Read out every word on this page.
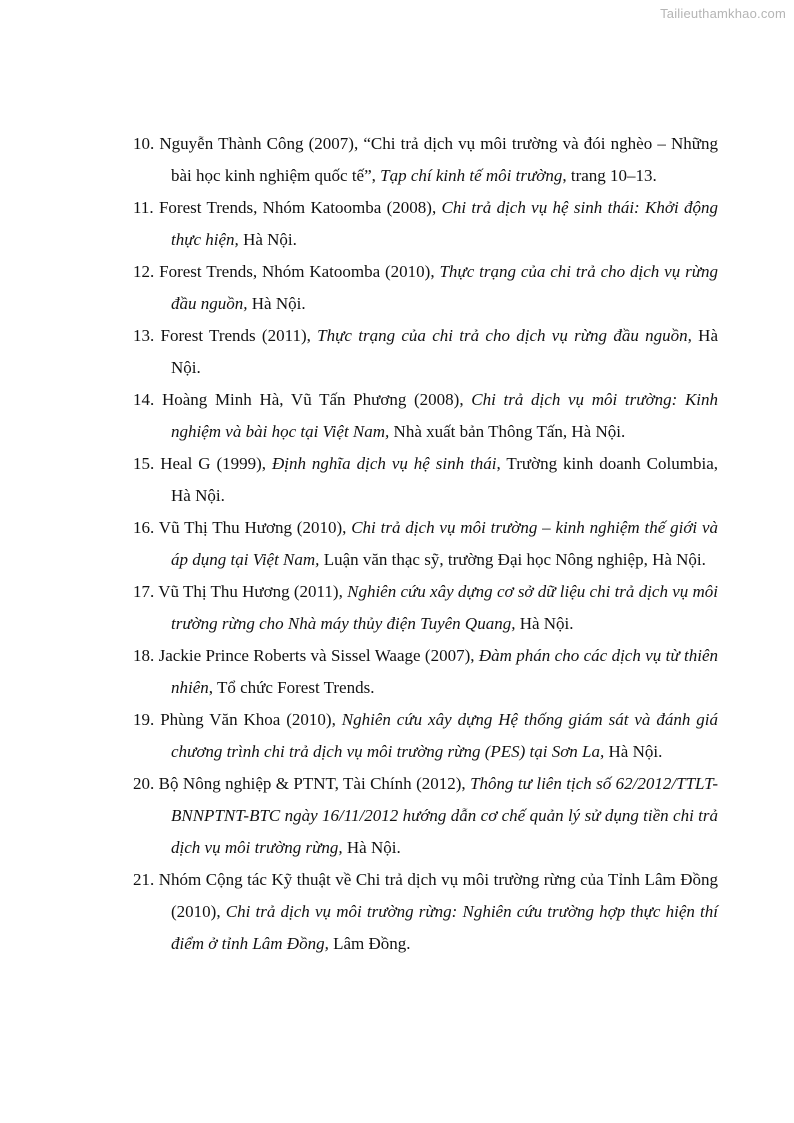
Tailieuthamkhao.com

10. Nguyễn Thành Công (2007), “Chi trả dịch vụ môi trường và đói nghèo – Những bài học kinh nghiệm quốc tế”, Tạp chí kinh tế môi trường, trang 10–13.

11. Forest Trends, Nhóm Katoomba (2008), Chi trả dịch vụ hệ sinh thái: Khởi động thực hiện, Hà Nội.

12. Forest Trends, Nhóm Katoomba (2010), Thực trạng của chi trả cho dịch vụ rừng đầu nguồn, Hà Nội.

13. Forest Trends (2011), Thực trạng của chi trả cho dịch vụ rừng đầu nguồn, Hà Nội.

14. Hoàng Minh Hà, Vũ Tấn Phương (2008), Chi trả dịch vụ môi trường: Kinh nghiệm và bài học tại Việt Nam, Nhà xuất bản Thông Tấn, Hà Nội.

15. Heal G (1999), Định nghĩa dịch vụ hệ sinh thái, Trường kinh doanh Columbia, Hà Nội.

16. Vũ Thị Thu Hương (2010), Chi trả dịch vụ môi trường – kinh nghiệm thế giới và áp dụng tại Việt Nam, Luận văn thạc sỹ, trường Đại học Nông nghiệp, Hà Nội.

17. Vũ Thị Thu Hương (2011), Nghiên cứu xây dựng cơ sở dữ liệu chi trả dịch vụ môi trường rừng cho Nhà máy thủy điện Tuyên Quang, Hà Nội.

18. Jackie Prince Roberts và Sissel Waage (2007), Đàm phán cho các dịch vụ từ thiên nhiên, Tổ chức Forest Trends.

19. Phùng Văn Khoa (2010), Nghiên cứu xây dựng Hệ thống giám sát và đánh giá chương trình chi trả dịch vụ môi trường rừng (PES) tại Sơn La, Hà Nội.

20. Bộ Nông nghiệp & PTNT, Tài Chính (2012), Thông tư liên tịch số 62/2012/TTLT-BNNPTNT-BTC ngày 16/11/2012 hướng dẫn cơ chế quản lý sử dụng tiền chi trả dịch vụ môi trường rừng, Hà Nội.

21. Nhóm Cộng tác Kỹ thuật về Chi trả dịch vụ môi trường rừng của Tỉnh Lâm Đồng (2010), Chi trả dịch vụ môi trường rừng: Nghiên cứu trường hợp thực hiện thí điểm ở tỉnh Lâm Đồng, Lâm Đồng.
